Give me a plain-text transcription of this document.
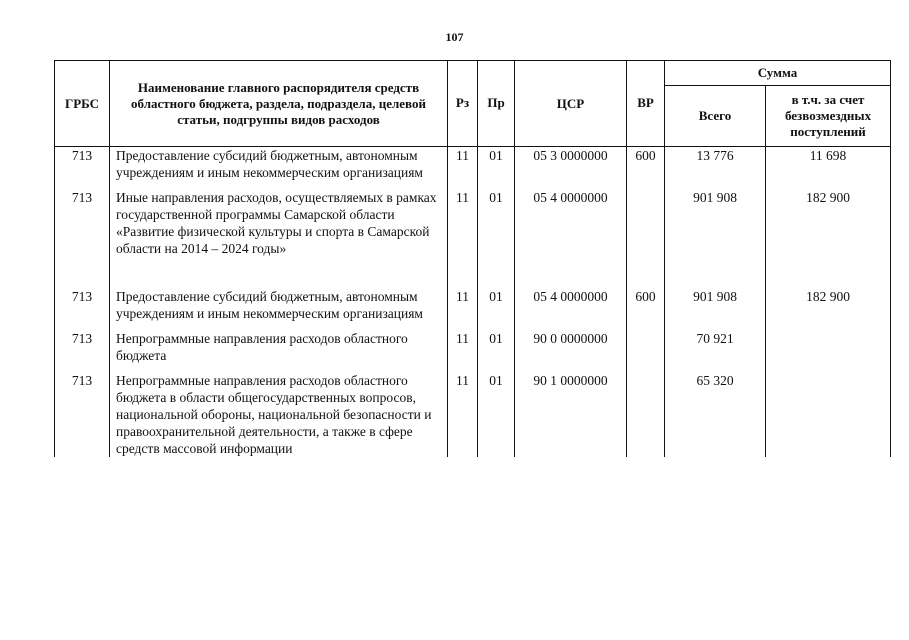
107
ГРБС	Наименование главного распорядителя средств областного бюджета, раздела, подраздела, целевой статьи, подгруппы видов расходов	Рз	Пр	ЦСР	ВР	Сумма	
						Всего	в т.ч. за счет безвозмездных поступлений
713	Предоставление субсидий бюджетным, автономным учреждениям и иным некоммерческим организациям	11	01	05 3 0000000	600	13 776	11 698
713	Иные направления расходов, осуществляемых в рамках государственной программы Самарской области «Развитие физической культуры и спорта в Самарской области на 2014 – 2024 годы»	11	01	05 4 0000000		901 908	182 900
713	Предоставление субсидий бюджетным, автономным учреждениям и иным некоммерческим организациям	11	01	05 4 0000000	600	901 908	182 900
713	Непрограммные направления расходов областного бюджета	11	01	90 0 0000000		70 921	
713	Непрограммные направления расходов областного бюджета в области общегосударственных вопросов, национальной обороны, национальной безопасности и правоохранительной деятельности, а также в сфере средств массовой информации	11	01	90 1 0000000		65 320	
